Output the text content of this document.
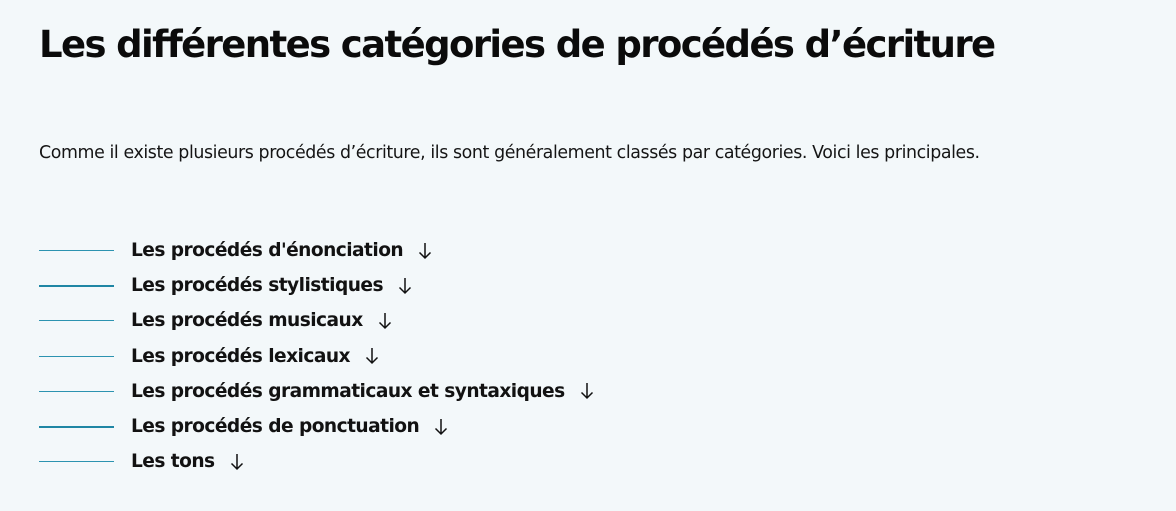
Les différentes catégories de procédés d’écriture

Comme il existe plusieurs procédés d’écriture, ils sont généralement classés par catégories. Voici les principales.

Les procédés d'énonciation
Les procédés stylistiques
Les procédés musicaux
Les procédés lexicaux
Les procédés grammaticaux et syntaxiques
Les procédés de ponctuation
Les tons
